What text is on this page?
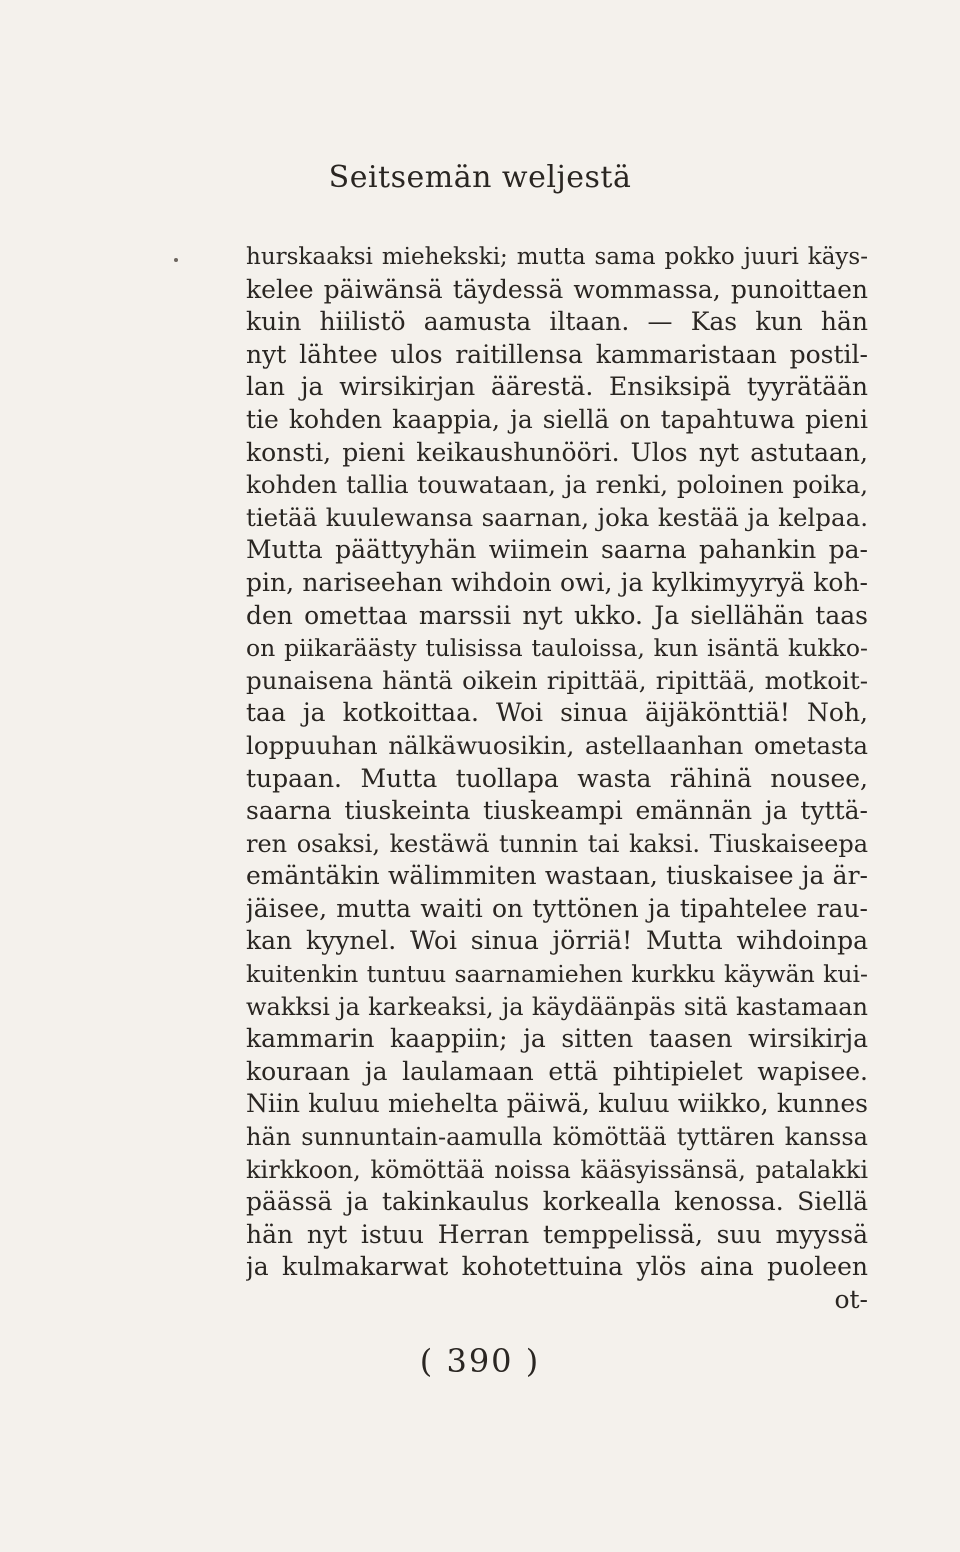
Seitsemän weljestä
hurskaaksi miehekski; mutta sama pokko juuri käys-
kelee päiwänsä täydessä wommassa, punoittaen
kuin hiilistö aamusta iltaan. — Kas kun hän
nyt lähtee ulos raitillensa kammaristaan postil-
lan ja wirsikirjan äärestä. Ensiksipä tyyrätään
tie kohden kaappia, ja siellä on tapahtuwa pieni
konsti, pieni keikaushunööri. Ulos nyt astutaan,
kohden tallia touwataan, ja renki, poloinen poika,
tietää kuulewansa saarnan, joka kestää ja kelpaa.
Mutta päättyyhän wiimein saarna pahankin pa-
pin, nariseehan wihdoin owi, ja kylkimyyryä koh-
den omettaa marssii nyt ukko. Ja siellähän taas
on piikaräästy tulisissa tauloissa, kun isäntä kukko-
punaisena häntä oikein ripittää, ripittää, motkoit-
taa ja kotkoittaa. Woi sinua äijäkönttiä! Noh,
loppuuhan nälkäwuosikin, astellaanhan ometasta
tupaan. Mutta tuollapa wasta rähinä nousee,
saarna tiuskeinta tiuskeampi emännän ja tyttä-
ren osaksi, kestäwä tunnin tai kaksi. Tiuskaiseepa
emäntäkin wälimmiten wastaan, tiuskaisee ja är-
jäisee, mutta waiti on tyttönen ja tipahtelee rau-
kan kyynel. Woi sinua jörriä! Mutta wihdoinpa
kuitenkin tuntuu saarnamiehen kurkku käywän kui-
wakksi ja karkeaksi, ja käydäänpäs sitä kastamaan
kammarin kaappiin; ja sitten taasen wirsikirja
kouraan ja laulamaan että pihtipielet wapisee.
Niin kuluu miehelta päiwä, kuluu wiikko, kunnes
hän sunnuntain-aamulla kömöttää tyttären kanssa
kirkkoon, kömöttää noissa kääsyissänsä, patalakki
päässä ja takinkaulus korkealla kenossa. Siellä
hän nyt istuu Herran temppelissä, suu myyssä
ja kulmakarwat kohotettuina ylös aina puoleen
ot-
( 390 )
